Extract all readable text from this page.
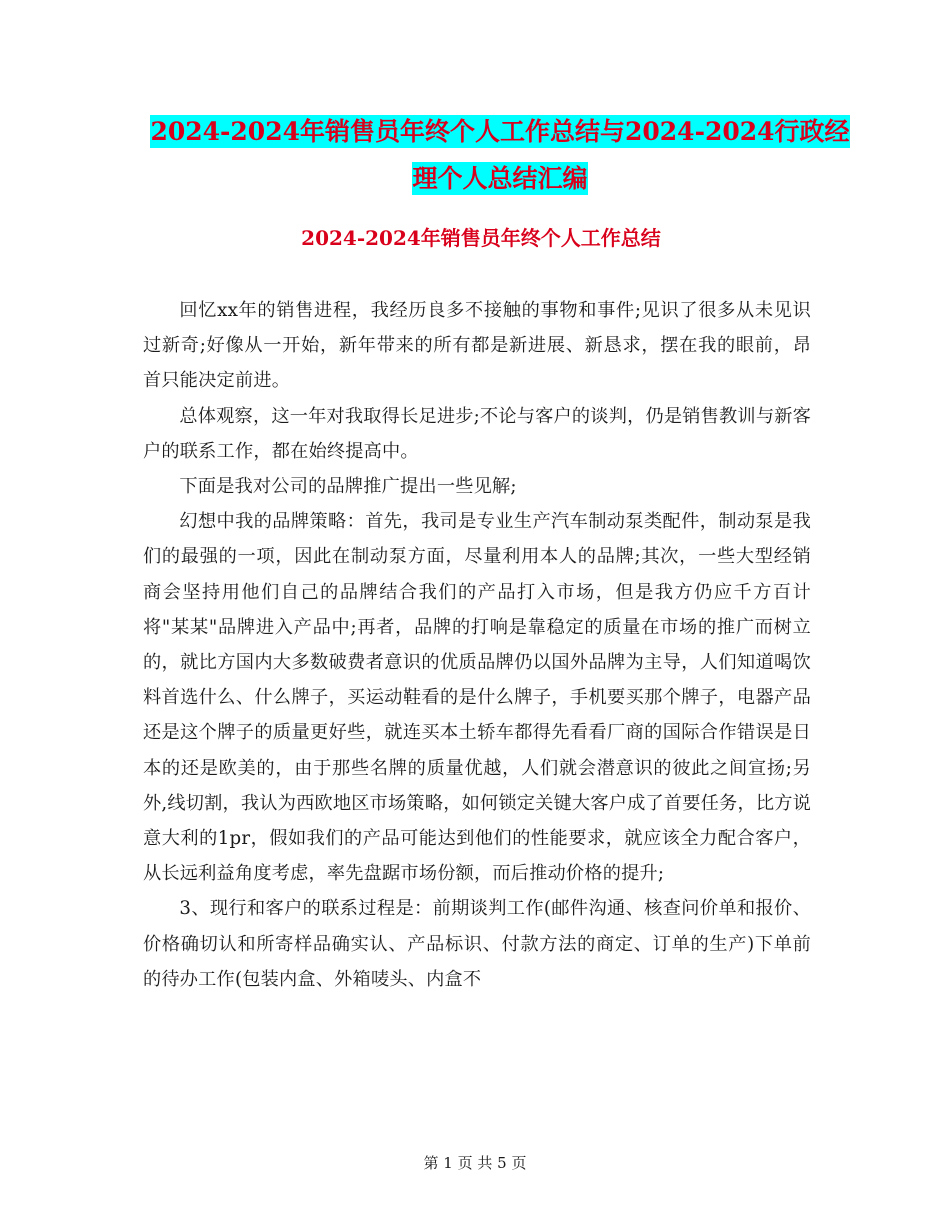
2024-2024年销售员年终个人工作总结与2024-2024行政经理个人总结汇编
2024-2024年销售员年终个人工作总结

回忆xx年的销售进程，我经历良多不接触的事物和事件;见识了很多从未见识过新奇;好像从一开始，新年带来的所有都是新进展、新恳求，摆在我的眼前，昂首只能决定前进。

总体观察，这一年对我取得长足进步;不论与客户的谈判，仍是销售教训与新客户的联系工作，都在始终提高中。

下面是我对公司的品牌推广提出一些见解;

幻想中我的品牌策略：首先，我司是专业生产汽车制动泵类配件，制动泵是我们的最强的一项，因此在制动泵方面，尽量利用本人的品牌;其次，一些大型经销商会坚持用他们自己的品牌结合我们的产品打入市场，但是我方仍应千方百计将"某某"品牌进入产品中;再者，品牌的打响是靠稳定的质量在市场的推广而树立的，就比方国内大多数破费者意识的优质品牌仍以国外品牌为主导，人们知道喝饮料首选什么、什么牌子，买运动鞋看的是什么牌子，手机要买那个牌子，电器产品还是这个牌子的质量更好些，就连买本土轿车都得先看看厂商的国际合作错误是日本的还是欧美的，由于那些名牌的质量优越，人们就会潜意识的彼此之间宣扬;另外,线切割，我认为西欧地区市场策略，如何锁定关键大客户成了首要任务，比方说意大利的1pr，假如我们的产品可能达到他们的性能要求，就应该全力配合客户，从长远利益角度考虑，率先盘踞市场份额，而后推动价格的提升;

3、现行和客户的联系过程是：前期谈判工作(邮件沟通、核查问价单和报价、价格确切认和所寄样品确实认、产品标识、付款方法的商定、订单的生产)下单前的待办工作(包装内盒、外箱唛头、内盒不

第 1 页 共 5 页
